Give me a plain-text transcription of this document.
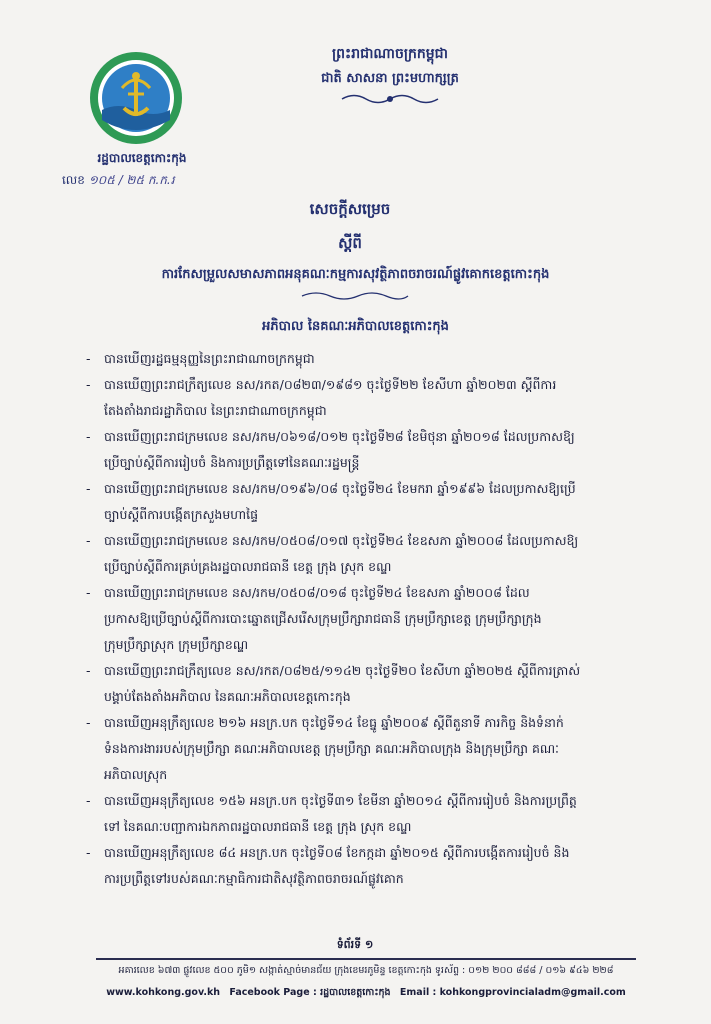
ព្រះរាជាណាចក្រកម្ពុជា
ជាតិ សាសនា ព្រះមហាក្សត្រ
រដ្ឋបាលខេត្តកោះកុង
លេខ ១០៥ / ២៥ ក.ក.រ
សេចក្តីសម្រេច
ស្តីពី
ការកែសម្រួលសមាសភាពអនុគណៈកម្មការសុវត្ថិភាពចរាចរណ៍ផ្លូវគោកខេត្តកោះកុង
អភិបាល នៃគណៈអភិបាលខេត្តកោះកុង
- បានឃើញរដ្ឋធម្មនុញ្ញនៃព្រះរាជាណាចក្រកម្ពុជា
- បានឃើញព្រះរាជក្រឹត្យលេខ នស/រកត/០៨២៣/១៩៨១ ចុះថ្ងៃទី២២ ខែសីហា ឆ្នាំ២០២៣ ស្តីពីការ
តែងតាំងរាជរដ្ឋាភិបាល នៃព្រះរាជាណាចក្រកម្ពុជា
- បានឃើញព្រះរាជក្រមលេខ នស/រកម/០៦១៨/០១២ ចុះថ្ងៃទី២៨ ខែមិថុនា ឆ្នាំ២០១៨ ដែលប្រកាសឱ្យ
ប្រើច្បាប់ស្តីពីការរៀបចំ និងការប្រព្រឹត្តទៅនៃគណៈរដ្ឋមន្ត្រី
- បានឃើញព្រះរាជក្រមលេខ នស/រកម/០១៩៦/០៨ ចុះថ្ងៃទី២៤ ខែមករា ឆ្នាំ១៩៩៦ ដែលប្រកាសឱ្យប្រើ
ច្បាប់ស្តីពីការបង្កើតក្រសួងមហាផ្ទៃ
- បានឃើញព្រះរាជក្រមលេខ នស/រកម/០៥០៨/០១៧ ចុះថ្ងៃទី២៤ ខែឧសភា ឆ្នាំ២០០៨ ដែលប្រកាសឱ្យ
ប្រើច្បាប់ស្តីពីការគ្រប់គ្រងរដ្ឋបាលរាជធានី ខេត្ត ក្រុង ស្រុក ខណ្ឌ
- បានឃើញព្រះរាជក្រមលេខ នស/រកម/០៥០៨/០១៨ ចុះថ្ងៃទី២៤ ខែឧសភា ឆ្នាំ២០០៨ ដែល
ប្រកាសឱ្យប្រើច្បាប់ស្តីពីការបោះឆ្នោតជ្រើសរើសក្រុមប្រឹក្សារាជធានី ក្រុមប្រឹក្សាខេត្ត ក្រុមប្រឹក្សាក្រុង
ក្រុមប្រឹក្សាស្រុក ក្រុមប្រឹក្សាខណ្ឌ
- បានឃើញព្រះរាជក្រឹត្យលេខ នស/រកត/០៨២៥/១១៤២ ចុះថ្ងៃទី២០ ខែសីហា ឆ្នាំ២០២៥ ស្តីពីការត្រាស់
បង្គាប់តែងតាំងអភិបាល នៃគណៈអភិបាលខេត្តកោះកុង
- បានឃើញអនុក្រឹត្យលេខ ២១៦ អនក្រ.បក ចុះថ្ងៃទី១៤ ខែធ្នូ ឆ្នាំ២០០៩ ស្តីពីតួនាទី ភារកិច្ច និងទំនាក់
ទំនងការងាររបស់ក្រុមប្រឹក្សា គណៈអភិបាលខេត្ត ក្រុមប្រឹក្សា គណៈអភិបាលក្រុង និងក្រុមប្រឹក្សា គណៈ
អភិបាលស្រុក
- បានឃើញអនុក្រឹត្យលេខ ១៥៦ អនក្រ.បក ចុះថ្ងៃទី៣១ ខែមីនា ឆ្នាំ២០១៤ ស្តីពីការរៀបចំ និងការប្រព្រឹត្ត
ទៅ នៃគណៈបញ្ជាការឯកភាពរដ្ឋបាលរាជធានី ខេត្ត ក្រុង ស្រុក ខណ្ឌ
- បានឃើញអនុក្រឹត្យលេខ ៨៤ អនក្រ.បក ចុះថ្ងៃទី០៨ ខែកក្កដា ឆ្នាំ២០១៥ ស្តីពីការបង្កើតការរៀបចំ និង
ការប្រព្រឹត្តទៅរបស់គណៈកម្មាធិការជាតិសុវត្ថិភាពចរាចរណ៍ផ្លូវគោក
ទំព័រទី ១
អគារលេខ ៦៧៣ ផ្លូវលេខ ៥០០ ភូមិ១ សង្កាត់ស្មាច់មានជ័យ ក្រុងខេមរភូមិន្ទ ខេត្តកោះកុង ទូរស័ព្ទ : ០១២ ២០០ ៨៨៨ / ០១៦ ៩៤៦ ២២៨
www.kohkong.gov.kh Facebook Page : រដ្ឋបាលខេត្តកោះកុង Email : kohkongprovincialadm@gmail.com
